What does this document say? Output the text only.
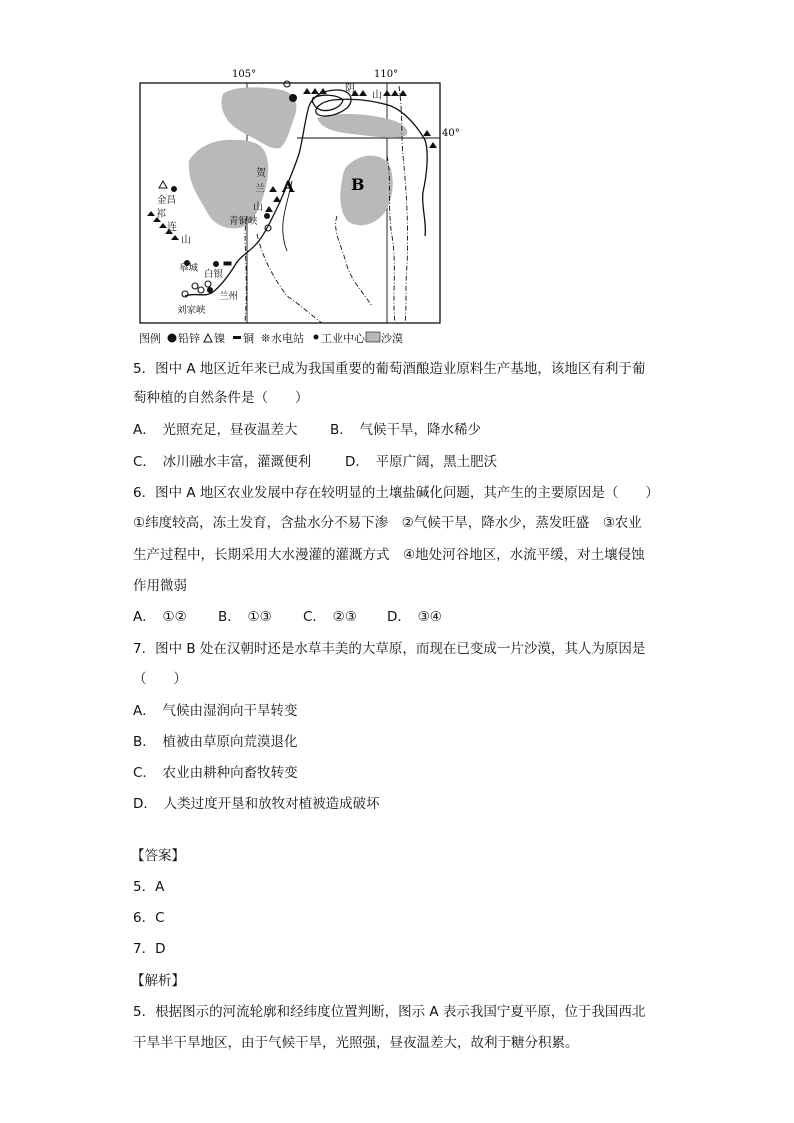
105°	110°
40°
阴
山
贺
兰
山
祁
连
山
A	B
金昌
青铜峡
皋城
白银
兰州
刘家峡
图例 铅锌 镍 铜 ❊ 水电站 工业中心 沙漠
5．图中 A 地区近年来已成为我国重要的葡萄酒酿造业原料生产基地，该地区有利于葡
萄种植的自然条件是（　　）
A．　光照充足，昼夜温差大 B．　气候干旱，降水稀少
C．　冰川融水丰富，灌溉便利	D．　平原广阔，黑土肥沃
6．图中 A 地区农业发展中存在较明显的土壤盐碱化问题，其产生的主要原因是（　　）
①纬度较高，冻土发育，含盐水分不易下渗　②气候干旱，降水少，蒸发旺盛　③农业
生产过程中，长期采用大水漫灌的灌溉方式　④地处河谷地区，水流平缓，对土壤侵蚀
作用微弱
A．　①② B．　①③ C．　②③ D．　③④
7．图中 B 处在汉朝时还是水草丰美的大草原，而现在已变成一片沙漠，其人为原因是
（　　）
A．　气候由湿润向干旱转变
B．　植被由草原向荒漠退化
C．　农业由耕种向畜牧转变
D．　人类过度开垦和放牧对植被造成破坏
【答案】
5．A
6．C
7．D
【解析】
5．根据图示的河流轮廓和经纬度位置判断，图示 A 表示我国宁夏平原，位于我国西北
干旱半干旱地区，由于气候干旱，光照强，昼夜温差大，故利于糖分积累。
